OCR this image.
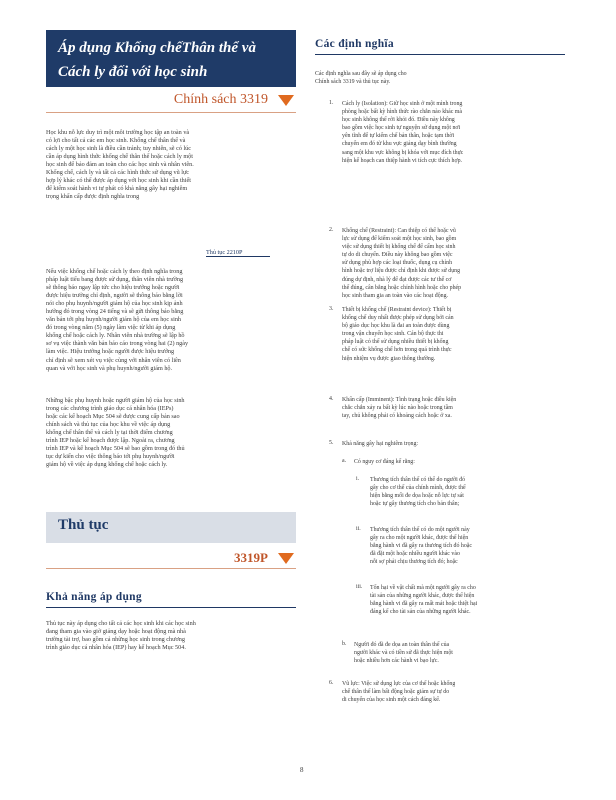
Áp dụng Khống chếThân thể và
Cách ly đối với học sinh
Chính sách 3319
Học khu nỗ lực duy trì một môi trường học tập an toàn và
có lợi cho tất cả các em học sinh. Khống chế thân thể và
cách ly một học sinh là điều cần tránh; tuy nhiên, sẽ có lúc
cần áp dụng hình thức khống chế thân thể hoặc cách ly một
học sinh để bảo đảm an toàn cho các học sinh và nhân viên.
Khống chế, cách ly và tất cả các hình thức sử dụng vũ lực
hợp lý khác có thể được áp dụng với học sinh khi cần thiết
để kiểm soát hành vi tự phát có khả năng gây hại nghiêm
trọng khẩn cấp được định nghĩa trong
Thủ tục 2210P
Nếu việc khống chế hoặc cách ly theo định nghĩa trong
pháp luật tiểu bang được sử dụng, thân viên nhà trường
sẽ thông báo ngay lập tức cho hiệu trưởng hoặc người
được hiệu trưởng chỉ định, người sẽ thông báo bằng lời
nói cho phụ huynh/người giám hộ của học sinh kịp ảnh
hưởng đó trong vòng 24 tiếng và sẽ gửi thông báo bằng
văn bản tới phụ huynh/người giám hộ của em học sinh
đó trong vòng năm (5) ngày làm việc từ khi áp dụng
khống chế hoặc cách ly. Nhân viên nhà trường sẽ lập hồ
sơ vụ việc thành văn bản báo cáo trong vòng hai (2) ngày
làm việc. Hiệu trưởng hoặc người được hiệu trưởng
chỉ định sẽ xem xét vụ việc cùng với nhân viên có liên
quan và với học sinh và phụ huynh/người giám hộ.
Những bậc phụ huynh hoặc người giám hộ của học sinh
trong các chương trình giáo dục cá nhân hóa (IEPs)
hoặc các kế hoạch Mục 504 sẽ được cung cấp bản sao
chính sách và thủ tục của học khu về việc áp dụng
khống chế thân thể và cách ly tại thời điểm chương
trình IEP hoặc kế hoạch được lập. Ngoài ra, chương
trình IEP và kế hoạch Mục 504 sẽ bao gồm trong đó thủ
tục dự kiến cho việc thông báo tới phụ huynh/người
giám hộ về việc áp dụng khống chế hoặc cách ly.
Thủ tục
3319P
Khả năng áp dụng
Thủ tục này áp dụng cho tất cả các học sinh khi các học sinh
đang tham gia vào giờ giảng dạy hoặc hoạt động mà nhà
trường tài trợ, bao gồm cả những học sinh trong chương
trình giáo dục cá nhân hóa (IEP) hay kế hoạch Mục 504.
Các định nghĩa
Các định nghĩa sau đây sẽ áp dụng cho
Chính sách 3319 và thủ tục này.
1. Cách ly (Isolation): Giữ học sinh ở một mình trong
phòng hoặc bất kỳ hình thức rào chắn nào khác mà
học sinh không thể rời khỏi đó. Điều này không
bao gồm việc học sinh tự nguyện sử dụng một nơi
yên tĩnh để tự kiểm chế bản thân, hoặc tạm thời
chuyển em đó từ khu vực giảng dạy bình thường
sang một khu vực không bị khóa với mục đích thực
hiện kế hoạch can thiệp hành vi tích cực thích hợp.
2. Khống chế (Restraint): Can thiệp có thể hoặc vũ
lực sử dụng để kiểm soát một học sinh, bao gồm
việc sử dụng thiết bị khống chế để cấm học sinh
tự do di chuyển. Điều này không bao gồm việc
sử dụng phù hợp các loại thuốc, dụng cụ chỉnh
hình hoặc trợ liệu được chỉ định khi được sử dụng
đúng dự định, nhà lý để đạt được các tư thế cơ
thể đúng, cân bằng hoặc chỉnh hình hoặc cho phép
học sinh tham gia an toàn vào các hoạt động.
3. Thiết bị khống chế (Restraint device): Thiết bị
khống chế duy nhất được phép sử dụng bởi cán
bộ giáo dục học khu là đai an toàn được dùng
trong vận chuyển học sinh. Cán bộ thực thi
pháp luật có thể sử dụng nhiều thiết bị khống
chế có sức khống chế hơn trong quá trình thực
hiện nhiệm vụ được giao thông thường.
4. Khẩn cấp (Imminent): Tình trạng hoặc điều kiện
chắc chắn xảy ra bất kỳ lúc nào hoặc trong tầm
tay, chủ không phải có khoảng cách hoặc ở xa.
5. Khả năng gây hại nghiêm trọng:
a. Có nguy cơ đáng kể rằng:
i. Thương tích thân thể có thể do người đó
gây cho cơ thể của chính mình, được thể
hiện bằng mối đe dọa hoặc nỗ lực tự sát
hoặc tự gây thương tích cho bản thân;
ii. Thương tích thân thể có do một người này
gây ra cho một người khác, được thể hiện
bằng hành vi đã gây ra thương tích đó hoặc
đã đặt một hoặc nhiều người khác vào
nỗi sợ phải chịu thương tích đó; hoặc
iii. Tổn hại về vật chất mà một người gây ra cho
tài sản của những người khác, được thể hiện
bằng hành vi đã gây ra mất mát hoặc thiệt hại
đáng kể cho tài sản của những người khác.
b. Người đó đã đe dọa an toàn thân thể của
người khác và có tiền sử đã thực hiện một
hoặc nhiều hơn các hành vi bạo lực.
6. Vũ lực: Việc sử dụng lực của cơ thể hoặc khống
chế thân thể làm bất động hoặc giảm sự tự do
di chuyển của học sinh một cách đáng kể.
8
